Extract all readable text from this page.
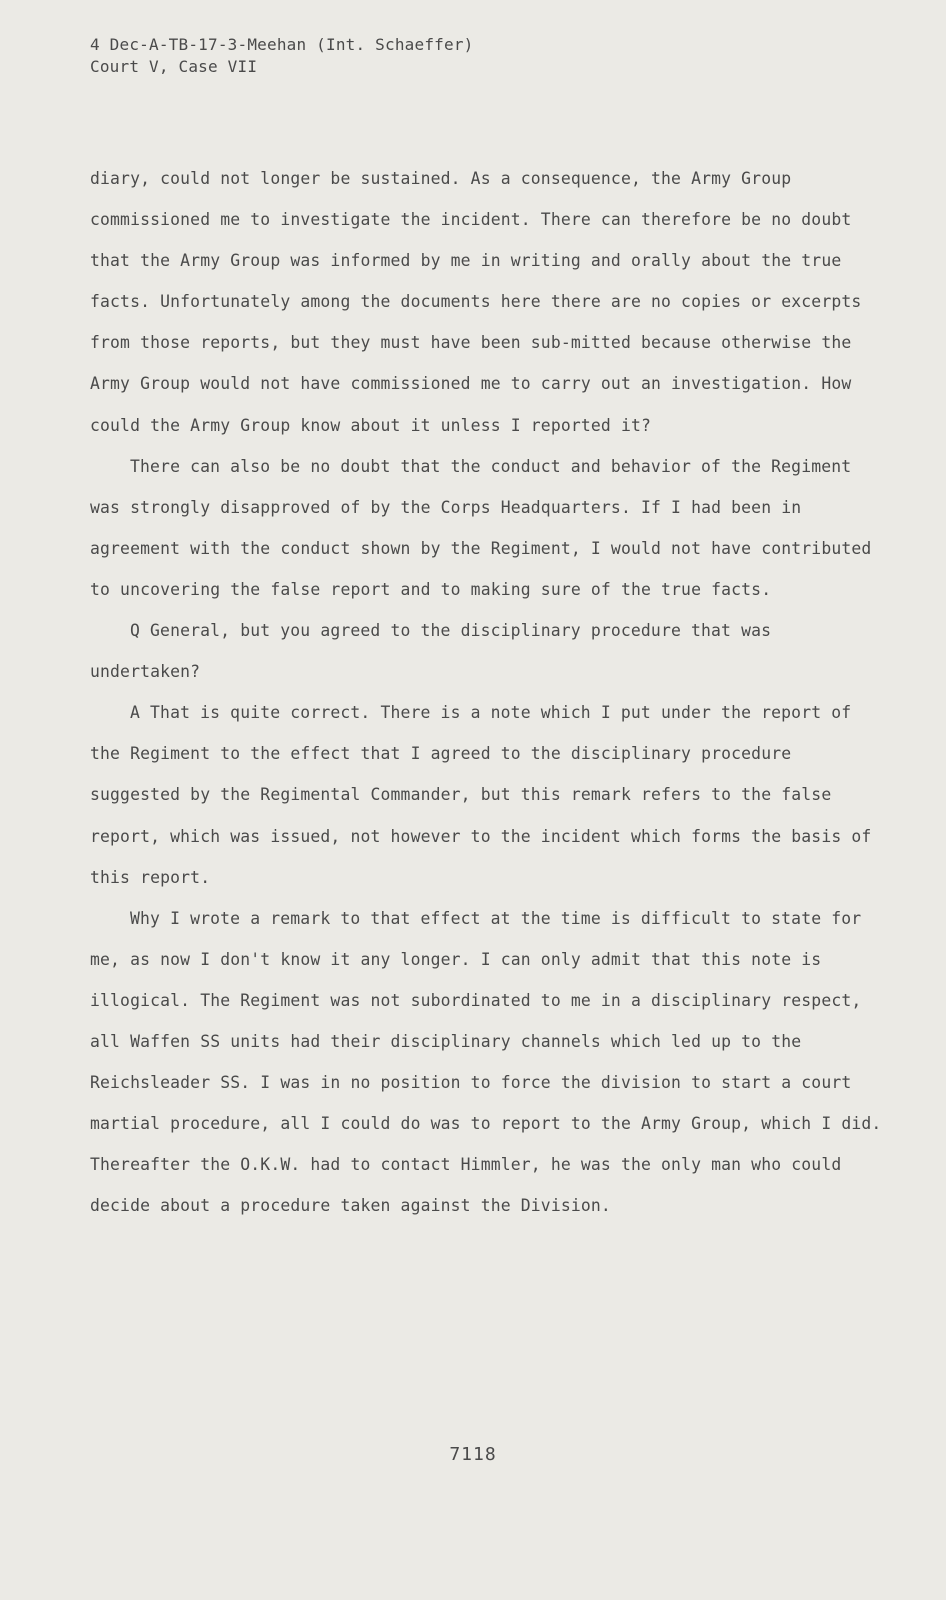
4 Dec-A-TB-17-3-Meehan (Int. Schaeffer)
Court V, Case VII

diary, could not longer be sustained. As a consequence, the Army Group commissioned me to investigate the incident. There can therefore be no doubt that the Army Group was informed by me in writing and orally about the true facts. Unfortunately among the documents here there are no copies or excerpts from those reports, but they must have been sub-mitted because otherwise the Army Group would not have commissioned me to carry out an investigation. How could the Army Group know about it unless I reported it?

There can also be no doubt that the conduct and behavior of the Regiment was strongly disapproved of by the Corps Headquarters. If I had been in agreement with the conduct shown by the Regiment, I would not have contributed to uncovering the false report and to making sure of the true facts.

Q General, but you agreed to the disciplinary procedure that was undertaken?

A That is quite correct. There is a note which I put under the report of the Regiment to the effect that I agreed to the disciplinary procedure suggested by the Regimental Commander, but this remark refers to the false report, which was issued, not however to the incident which forms the basis of this report.

Why I wrote a remark to that effect at the time is difficult to state for me, as now I don't know it any longer. I can only admit that this note is illogical. The Regiment was not subordinated to me in a disciplinary respect, all Waffen SS units had their disciplinary channels which led up to the Reichsleader SS. I was in no position to force the division to start a court martial procedure, all I could do was to report to the Army Group, which I did. Thereafter the O.K.W. had to contact Himmler, he was the only man who could decide about a procedure taken against the Division.

7118
